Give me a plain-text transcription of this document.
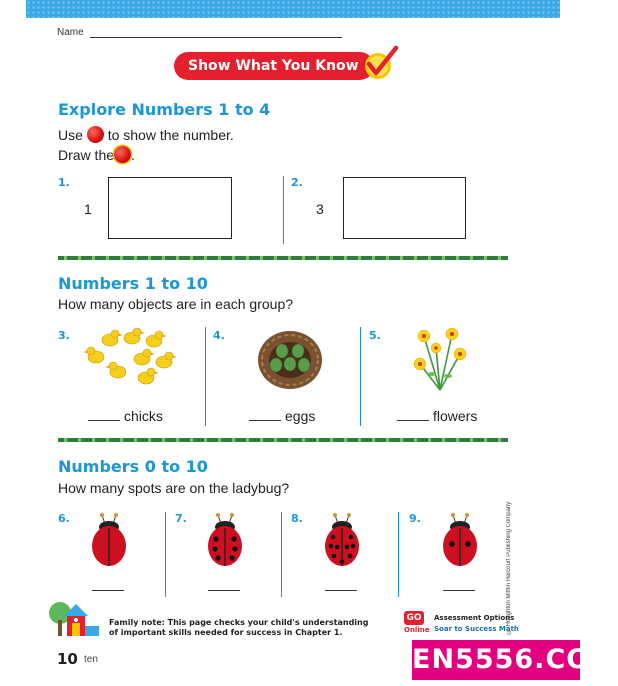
Name
Show What You Know
Explore Numbers 1 to 4
Use to show the number.
Draw the .
1.
1
2.
3
Numbers 1 to 10
How many objects are in each group?
3.
chicks
4.
eggs
5.
flowers
Numbers 0 to 10
How many spots are on the ladybug?
6.	7.	8.	9.
Family note: This page checks your child's understanding
of important skills needed for success in Chapter 1.
GO
Online
Assessment Options
Soar to Success Math
© Houghton Mifflin Harcourt Publishing Company
10 ten	EN5556.COM
